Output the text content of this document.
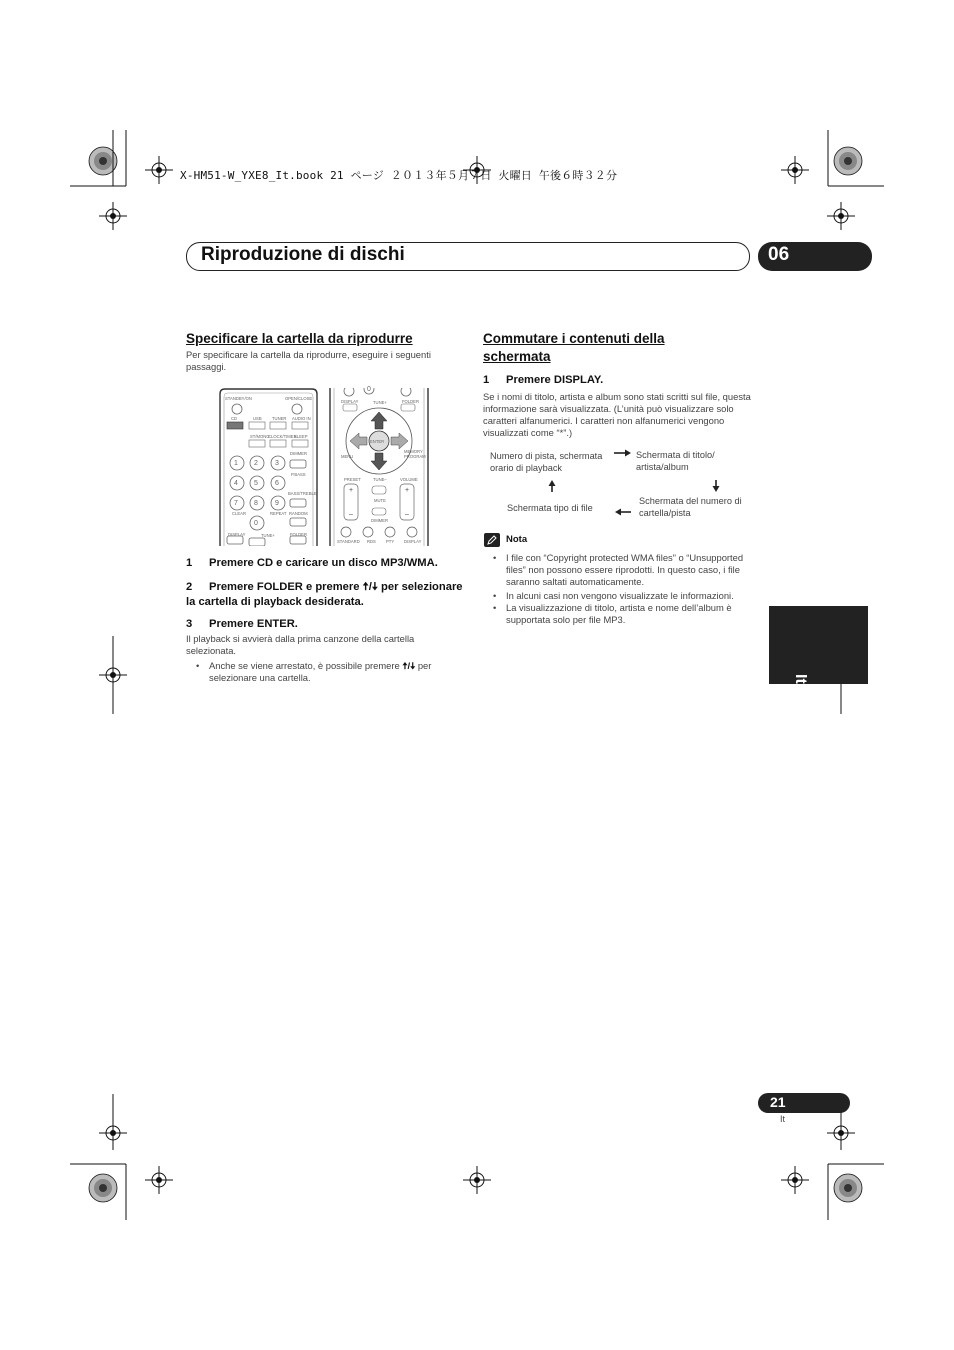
X-HM51-W_YXE8_It.book 21 ページ ２０１３年５月７日 火曜日 午後６時３２分
Riproduzione di dischi	06
Specificare la cartella da riprodurre
Per specificare la cartella da riprodurre, eseguire i seguenti passaggi.
+
–
+
–
STANDBY/ON	OPEN/CLOSE
CD	USB TUNER AUDIO IN
ST/MONO
CLOCK/TIMER
SLEEP
DIMMER
P.BASS
BASS/TREBLE
CLEAR	REPEAT RANDOM
DISPLAY	TUNE+	FOLDER
1 2 3
4 5 6
7 8 9
0
0
DISPLAY	TUNE+	FOLDER
ENTER
MENU
MEMORY PROGRAM
TUNE–
PRESET	VOLUME
MUTE
DIMMER
STANDARD RDS PTY DISPLAY
1 Premere CD e caricare un disco MP3/WMA.
2 Premere FOLDER e premere 🠅/🠇 per selezionare la cartella di playback desiderata.
3 Premere ENTER.
Il playback si avvierà dalla prima canzone della cartella selezionata.
• Anche se viene arrestato, è possibile premere 🠅/🠇 per selezionare una cartella.
Commutare i contenuti della
schermata
1 Premere DISPLAY.
Se i nomi di titolo, artista e album sono stati scritti sul file, questa informazione sarà visualizzata. (L’unità può visualizzare solo caratteri alfanumerici. I caratteri non alfanumerici vengono visualizzati come “*”.)
Numero di pista, schermata orario di playback
Schermata di titolo/ artista/album
Schermata del numero di cartella/pista
Schermata tipo di file
Nota
• I file con “Copyright protected WMA files” o “Unsupported files” non possono essere riprodotti. In questo caso, i file saranno saltati automaticamente.
• In alcuni casi non vengono visualizzate le informazioni.
• La visualizzazione di titolo, artista e nome dell’album è supportata solo per file MP3.
Italiano
21
It
